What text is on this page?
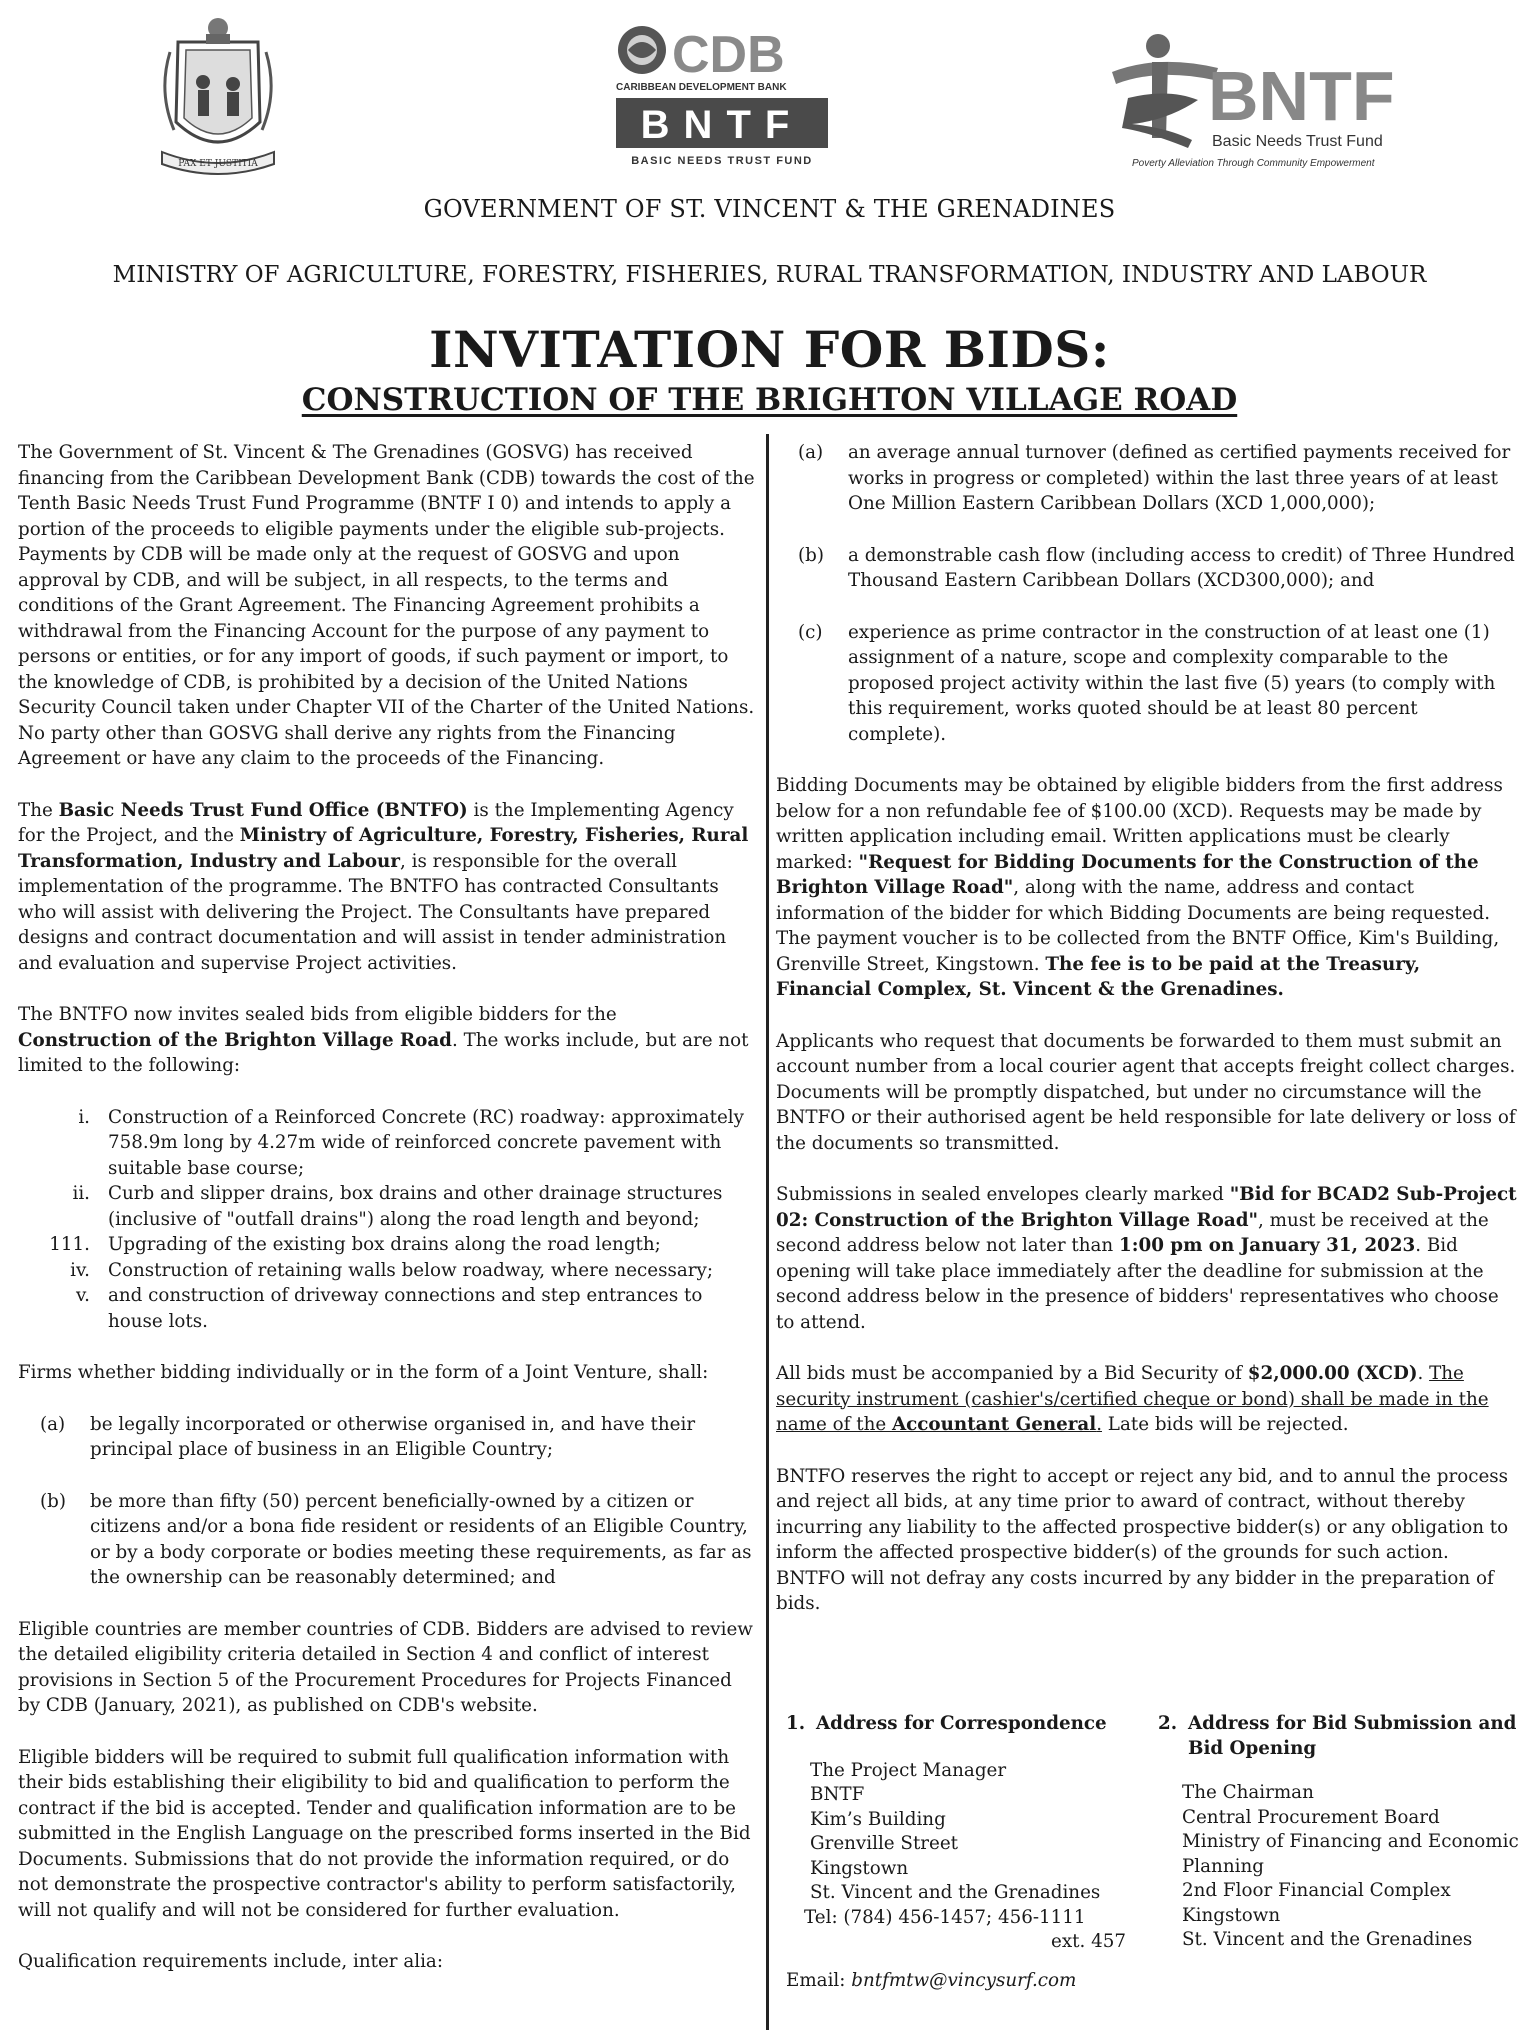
PAX ET JUSTITIA
CDB
CARIBBEAN DEVELOPMENT BANK
BNTF
BASIC NEEDS TRUST FUND
BNTF
Basic Needs Trust Fund
Poverty Alleviation Through Community Empowerment
GOVERNMENT OF ST. VINCENT & THE GRENADINES
MINISTRY OF AGRICULTURE, FORESTRY, FISHERIES, RURAL TRANSFORMATION, INDUSTRY AND LABOUR
INVITATION FOR BIDS:
CONSTRUCTION OF THE BRIGHTON VILLAGE ROAD

The Government of St. Vincent & The Grenadines (GOSVG) has received financing from the Caribbean Development Bank (CDB) towards the cost of the Tenth Basic Needs Trust Fund Programme (BNTF I 0) and intends to apply a portion of the proceeds to eligible payments under the eligible sub-projects. Payments by CDB will be made only at the request of GOSVG and upon approval by CDB, and will be subject, in all respects, to the terms and conditions of the Grant Agreement. The Financing Agreement prohibits a withdrawal from the Financing Account for the purpose of any payment to persons or entities, or for any import of goods, if such payment or import, to the knowledge of CDB, is prohibited by a decision of the United Nations Security Council taken under Chapter VII of the Charter of the United Nations. No party other than GOSVG shall derive any rights from the Financing Agreement or have any claim to the proceeds of the Financing.

The Basic Needs Trust Fund Office (BNTFO) is the Implementing Agency for the Project, and the Ministry of Agriculture, Forestry, Fisheries, Rural Transformation, Industry and Labour, is responsible for the overall implementation of the programme. The BNTFO has contracted Consultants who will assist with delivering the Project. The Consultants have prepared designs and contract documentation and will assist in tender administration and evaluation and supervise Project activities.

The BNTFO now invites sealed bids from eligible bidders for the Construction of the Brighton Village Road. The works include, but are not limited to the following:

i. Construction of a Reinforced Concrete (RC) roadway: approximately 758.9m long by 4.27m wide of reinforced concrete pavement with suitable base course;
ii. Curb and slipper drains, box drains and other drainage structures (inclusive of "outfall drains") along the road length and beyond;
111. Upgrading of the existing box drains along the road length;
iv. Construction of retaining walls below roadway, where necessary;
v. and construction of driveway connections and step entrances to house lots.

Firms whether bidding individually or in the form of a Joint Venture, shall:

(a)	be legally incorporated or otherwise organised in, and have their principal place of business in an Eligible Country;
(b)	be more than fifty (50) percent beneficially-owned by a citizen or citizens and/or a bona fide resident or residents of an Eligible Country, or by a body corporate or bodies meeting these requirements, as far as the ownership can be reasonably determined; and

Eligible countries are member countries of CDB. Bidders are advised to review the detailed eligibility criteria detailed in Section 4 and conflict of interest provisions in Section 5 of the Procurement Procedures for Projects Financed by CDB (January, 2021), as published on CDB's website.

Eligible bidders will be required to submit full qualification information with their bids establishing their eligibility to bid and qualification to perform the contract if the bid is accepted. Tender and qualification information are to be submitted in the English Language on the prescribed forms inserted in the Bid Documents. Submissions that do not provide the information required, or do not demonstrate the prospective contractor's ability to perform satisfactorily, will not qualify and will not be considered for further evaluation.

Qualification requirements include, inter alia:

(a)	an average annual turnover (defined as certified payments received for works in progress or completed) within the last three years of at least One Million Eastern Caribbean Dollars (XCD 1,000,000);
(b)	a demonstrable cash flow (including access to credit) of Three Hundred Thousand Eastern Caribbean Dollars (XCD300,000); and
(c)	experience as prime contractor in the construction of at least one (1) assignment of a nature, scope and complexity comparable to the proposed project activity within the last five (5) years (to comply with this requirement, works quoted should be at least 80 percent complete).

Bidding Documents may be obtained by eligible bidders from the first address below for a non refundable fee of $100.00 (XCD). Requests may be made by written application including email. Written applications must be clearly marked: "Request for Bidding Documents for the Construction of the Brighton Village Road", along with the name, address and contact information of the bidder for which Bidding Documents are being requested. The payment voucher is to be collected from the BNTF Office, Kim's Building, Grenville Street, Kingstown. The fee is to be paid at the Treasury, Financial Complex, St. Vincent & the Grenadines.

Applicants who request that documents be forwarded to them must submit an account number from a local courier agent that accepts freight collect charges. Documents will be promptly dispatched, but under no circumstance will the BNTFO or their authorised agent be held responsible for late delivery or loss of the documents so transmitted.

Submissions in sealed envelopes clearly marked "Bid for BCAD2 Sub-Project 02: Construction of the Brighton Village Road", must be received at the second address below not later than 1:00 pm on January 31, 2023. Bid opening will take place immediately after the deadline for submission at the second address below in the presence of bidders' representatives who choose to attend.

All bids must be accompanied by a Bid Security of $2,000.00 (XCD). The security instrument (cashier's/certified cheque or bond) shall be made in the name of the Accountant General. Late bids will be rejected.

BNTFO reserves the right to accept or reject any bid, and to annul the process and reject all bids, at any time prior to award of contract, without thereby incurring any liability to the affected prospective bidder(s) or any obligation to inform the affected prospective bidder(s) of the grounds for such action. BNTFO will not defray any costs incurred by any bidder in the preparation of bids.

1. Address for Correspondence
The Project Manager
BNTF
Kim’s Building
Grenville Street
Kingstown
St. Vincent and the Grenadines
Tel: (784) 456-1457; 456-1111
ext. 457
Email: bntfmtw@vincysurf.com
2. Address for Bid Submission and Bid Opening
The Chairman
Central Procurement Board
Ministry of Financing and Economic
Planning
2nd Floor Financial Complex
Kingstown
St. Vincent and the Grenadines
